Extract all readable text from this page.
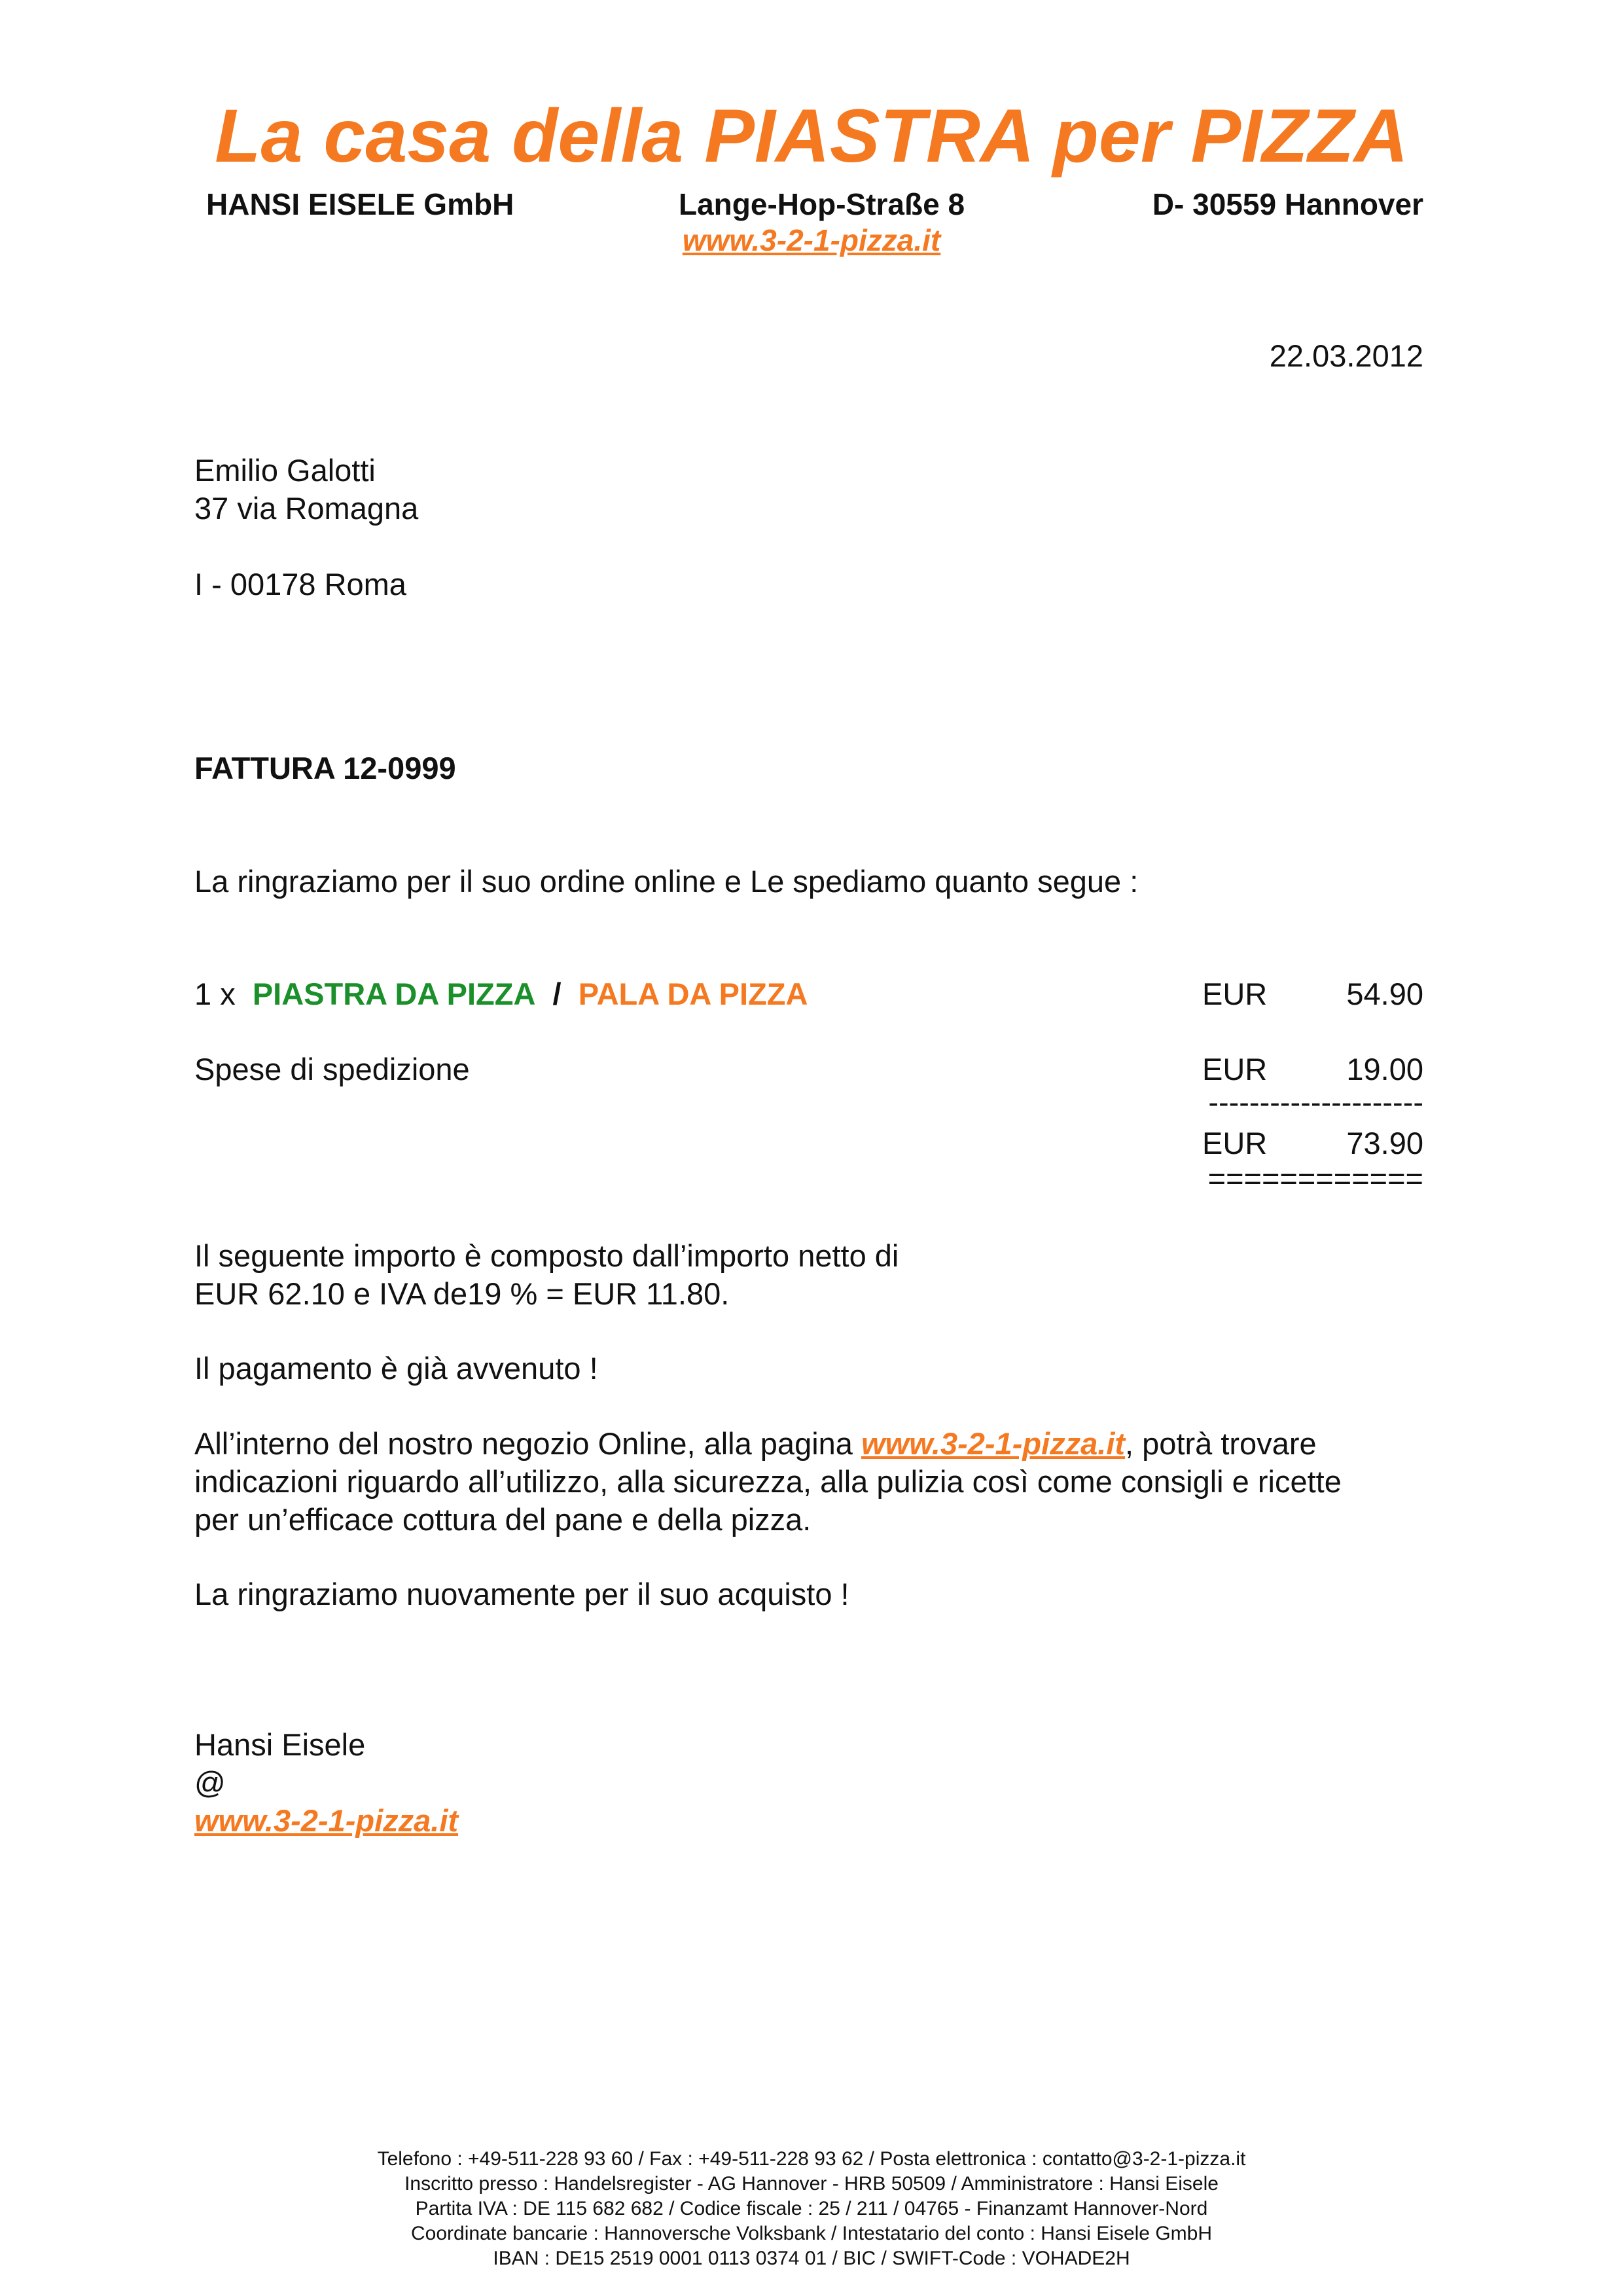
La casa della PIASTRA per PIZZA
HANSI EISELE GmbH	Lange-Hop-Straße 8	D- 30559 Hannover
www.3-2-1-pizza.it
22.03.2012
Emilio Galotti
37 via Romagna
I - 00178 Roma
FATTURA 12-0999
La ringraziamo per il suo ordine online e Le spediamo quanto segue :
1 x PIASTRA DA PIZZA / PALA DA PIZZA	EUR	54.90
Spese di spedizione	EUR	19.00
---------------------
EUR	73.90
============
Il seguente importo è composto dall’importo netto di
EUR 62.10 e IVA de19 % = EUR 11.80.
Il pagamento è già avvenuto !
All’interno del nostro negozio Online, alla pagina www.3-2-1-pizza.it, potrà trovare
indicazioni riguardo all’utilizzo, alla sicurezza, alla pulizia così come consigli e ricette
per un’efficace cottura del pane e della pizza.
La ringraziamo nuovamente per il suo acquisto !
Hansi Eisele
@
www.3-2-1-pizza.it
Telefono : +49-511-228 93 60 / Fax : +49-511-228 93 62 / Posta elettronica : contatto@3-2-1-pizza.it
Inscritto presso : Handelsregister - AG Hannover - HRB 50509 / Amministratore : Hansi Eisele
Partita IVA : DE 115 682 682 / Codice fiscale : 25 / 211 / 04765 - Finanzamt Hannover-Nord
Coordinate bancarie : Hannoversche Volksbank / Intestatario del conto : Hansi Eisele GmbH
IBAN : DE15 2519 0001 0113 0374 01 / BIC / SWIFT-Code : VOHADE2H
